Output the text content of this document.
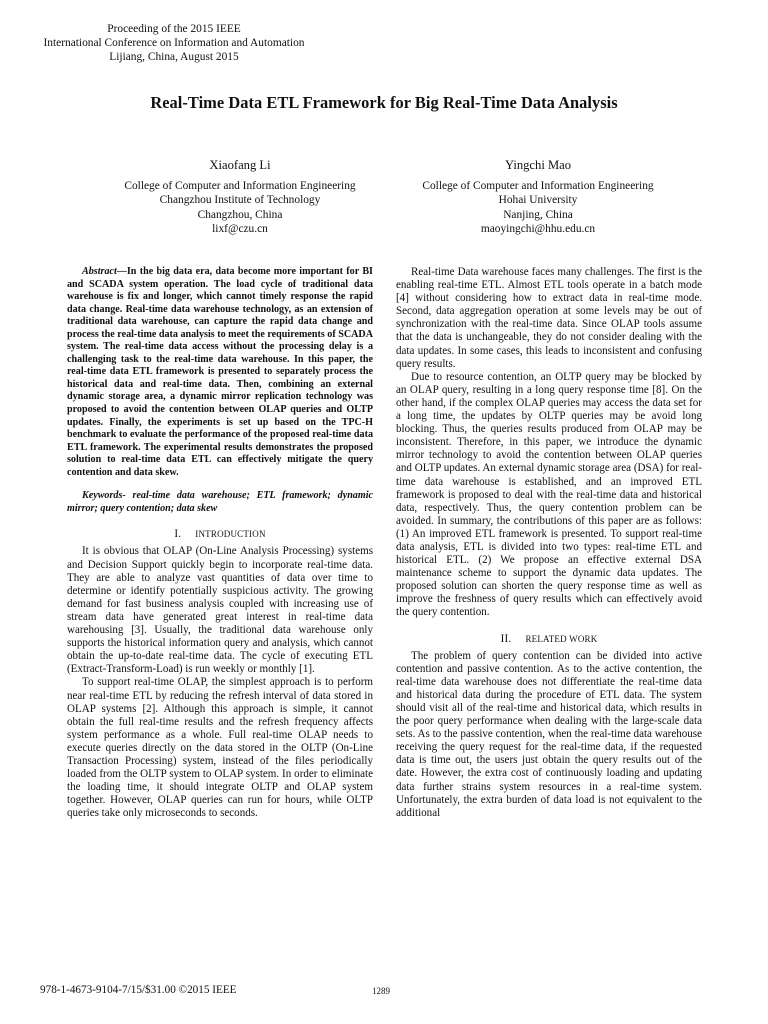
Proceeding of the 2015 IEEE
International Conference on Information and Automation
Lijiang, China, August 2015
Real-Time Data ETL Framework for Big Real-Time Data Analysis
Xiaofang Li
College of Computer and Information Engineering
Changzhou Institute of Technology
Changzhou, China
lixf@czu.cn
Yingchi Mao
College of Computer and Information Engineering
Hohai University
Nanjing, China
maoyingchi@hhu.edu.cn

Abstract—In the big data era, data become more important for BI and SCADA system operation. The load cycle of traditional data warehouse is fix and longer, which cannot timely response the rapid data change. Real-time data warehouse technology, as an extension of traditional data warehouse, can capture the rapid data change and process the real-time data analysis to meet the requirements of SCADA system. The real-time data access without the processing delay is a challenging task to the real-time data warehouse. In this paper, the real-time data ETL framework is presented to separately process the historical data and real-time data. Then, combining an external dynamic storage area, a dynamic mirror replication technology was proposed to avoid the contention between OLAP queries and OLTP updates. Finally, the experiments is set up based on the TPC-H benchmark to evaluate the performance of the proposed real-time data ETL framework. The experimental results demonstrates the proposed solution to real-time data ETL can effectively mitigate the query contention and data skew.

Keywords- real-time data warehouse; ETL framework; dynamic mirror; query contention; data skew

I. INTRODUCTION

It is obvious that OLAP (On-Line Analysis Processing) systems and Decision Support quickly begin to incorporate real-time data. They are able to analyze vast quantities of data over time to determine or identify potentially suspicious activity. The growing demand for fast business analysis coupled with increasing use of stream data have generated great interest in real-time data warehousing [3]. Usually, the traditional data warehouse only supports the historical information query and analysis, which cannot obtain the up-to-date real-time data. The cycle of executing ETL (Extract-Transform-Load) is run weekly or monthly [1].

To support real-time OLAP, the simplest approach is to perform near real-time ETL by reducing the refresh interval of data stored in OLAP systems [2]. Although this approach is simple, it cannot obtain the full real-time results and the refresh frequency affects system performance as a whole. Full real-time OLAP needs to execute queries directly on the data stored in the OLTP (On-Line Transaction Processing) system, instead of the files periodically loaded from the OLTP system to OLAP system. In order to eliminate the loading time, it should integrate OLTP and OLAP system together. However, OLAP queries can run for hours, while OLTP queries take only microseconds to seconds.

Real-time Data warehouse faces many challenges. The first is the enabling real-time ETL. Almost ETL tools operate in a batch mode [4] without considering how to extract data in real-time mode. Second, data aggregation operation at some levels may be out of synchronization with the real-time data. Since OLAP tools assume that the data is unchangeable, they do not consider dealing with the data updates. In some cases, this leads to inconsistent and confusing query results.

Due to resource contention, an OLTP query may be blocked by an OLAP query, resulting in a long query response time [8]. On the other hand, if the complex OLAP queries may access the data set for a long time, the updates by OLTP queries may be avoid long blocking. Thus, the queries results produced from OLAP may be inconsistent. Therefore, in this paper, we introduce the dynamic mirror technology to avoid the contention between OLAP queries and OLTP updates. An external dynamic storage area (DSA) for real-time data warehouse is established, and an improved ETL framework is proposed to deal with the real-time data and historical data, respectively. Thus, the query contention problem can be avoided. In summary, the contributions of this paper are as follows: (1) An improved ETL framework is presented. To support real-time data analysis, ETL is divided into two types: real-time ETL and historical ETL. (2) We propose an effective external DSA maintenance scheme to support the dynamic data updates. The proposed solution can shorten the query response time as well as improve the freshness of query results which can effectively avoid the query contention.

II. RELATED WORK

The problem of query contention can be divided into active contention and passive contention. As to the active contention, the real-time data warehouse does not differentiate the real-time data and historical data during the procedure of ETL data. The system should visit all of the real-time and historical data, which results in the poor query performance when dealing with the large-scale data sets. As to the passive contention, when the real-time data warehouse receiving the query request for the real-time data, if the requested data is time out, the users just obtain the query results out of the date. However, the extra cost of continuously loading and updating data further strains system resources in a real-time system. Unfortunately, the extra burden of data load is not equivalent to the additional

978-1-4673-9104-7/15/$31.00 ©2015 IEEE	1289
